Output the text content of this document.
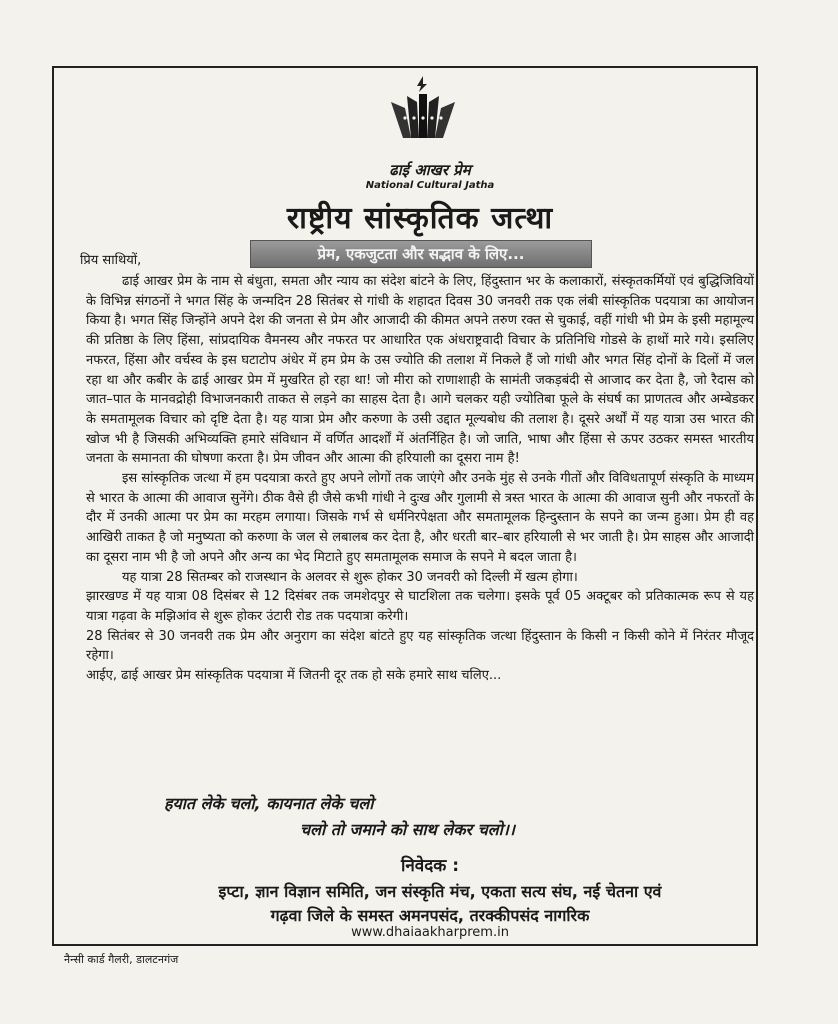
ढाई आखर प्रेम
National Cultural Jatha
राष्ट्रीय सांस्कृतिक जत्था
प्रेम, एकजुटता और सद्भाव के लिए...
प्रिय साथियों,

ढाई आखर प्रेम के नाम से बंधुता, समता और न्याय का संदेश बांटने के लिए, हिंदुस्तान भर के कलाकारों, संस्कृतकर्मियों एवं बुद्धिजिवियों के विभिन्न संगठनों ने भगत सिंह के जन्मदिन 28 सितंबर से गांधी के शहादत दिवस 30 जनवरी तक एक लंबी सांस्कृतिक पदयात्रा का आयोजन किया है। भगत सिंह जिन्होंने अपने देश की जनता से प्रेम और आजादी की कीमत अपने तरुण रक्त से चुकाई, वहीं गांधी भी प्रेम के इसी महामूल्य की प्रतिष्ठा के लिए हिंसा, सांप्रदायिक वैमनस्य और नफरत पर आधारित एक अंधराष्ट्रवादी विचार के प्रतिनिधि गोडसे के हाथों मारे गये। इसलिए नफरत, हिंसा और वर्चस्व के इस घटाटोप अंधेर में हम प्रेम के उस ज्योति की तलाश में निकले हैं जो गांधी और भगत सिंह दोनों के दिलों में जल रहा था और कबीर के ढाई आखर प्रेम में मुखरित हो रहा था! जो मीरा को राणाशाही के सामंती जकड़बंदी से आजाद कर देता है, जो रैदास को जात–पात के मानवद्रोही विभाजनकारी ताकत से लड़ने का साहस देता है। आगे चलकर यही ज्योतिबा फूले के संघर्ष का प्राणतत्व और अम्बेडकर के समतामूलक विचार को दृष्टि देता है। यह यात्रा प्रेम और करुणा के उसी उद्दात मूल्यबोध की तलाश है। दूसरे अर्थों में यह यात्रा उस भारत की खोज भी है जिसकी अभिव्यक्ति हमारे संविधान में वर्णित आदर्शों में अंतर्निहित है। जो जाति, भाषा और हिंसा से ऊपर उठकर समस्त भारतीय जनता के समानता की घोषणा करता है। प्रेम जीवन और आत्मा की हरियाली का दूसरा नाम है!

इस सांस्कृतिक जत्था में हम पदयात्रा करते हुए अपने लोगों तक जाएंगे और उनके मुंह से उनके गीतों और विविधतापूर्ण संस्कृति के माध्यम से भारत के आत्मा की आवाज सुनेंगे। ठीक वैसे ही जैसे कभी गांधी ने दुःख और गुलामी से त्रस्त भारत के आत्मा की आवाज सुनी और नफरतों के दौर में उनकी आत्मा पर प्रेम का मरहम लगाया। जिसके गर्भ से धर्मनिरपेक्षता और समतामूलक हिन्दुस्तान के सपने का जन्म हुआ। प्रेम ही वह आखिरी ताकत है जो मनुष्यता को करुणा के जल से लबालब कर देता है, और धरती बार–बार हरियाली से भर जाती है। प्रेम साहस और आजादी का दूसरा नाम भी है जो अपने और अन्य का भेद मिटाते हुए समतामूलक समाज के सपने मे बदल जाता है।

यह यात्रा 28 सितम्बर को राजस्थान के अलवर से शुरू होकर 30 जनवरी को दिल्ली में खत्म होगा।

झारखण्ड में यह यात्रा 08 दिसंबर से 12 दिसंबर तक जमशेदपुर से घाटशिला तक चलेगा। इसके पूर्व 05 अक्टूबर को प्रतिकात्मक रूप से यह यात्रा गढ़वा के मझिआंव से शुरू होकर उंटारी रोड तक पदयात्रा करेगी।

28 सितंबर से 30 जनवरी तक प्रेम और अनुराग का संदेश बांटते हुए यह सांस्कृतिक जत्था हिंदुस्तान के किसी न किसी कोने में निरंतर मौजूद रहेगा।

आईए, ढाई आखर प्रेम सांस्कृतिक पदयात्रा में जितनी दूर तक हो सके हमारे साथ चलिए...

हयात लेके चलो, कायनात लेके चलो
चलो तो जमाने को साथ लेकर चलो।।
निवेदक :
इप्टा, ज्ञान विज्ञान समिति, जन संस्कृति मंच, एकता सत्य संघ, नई चेतना एवं
गढ़वा जिले के समस्त अमनपसंद, तरक्कीपसंद नागरिक
www.dhaiaakharprem.in
नैन्सी कार्ड गैलरी, डालटनगंज
